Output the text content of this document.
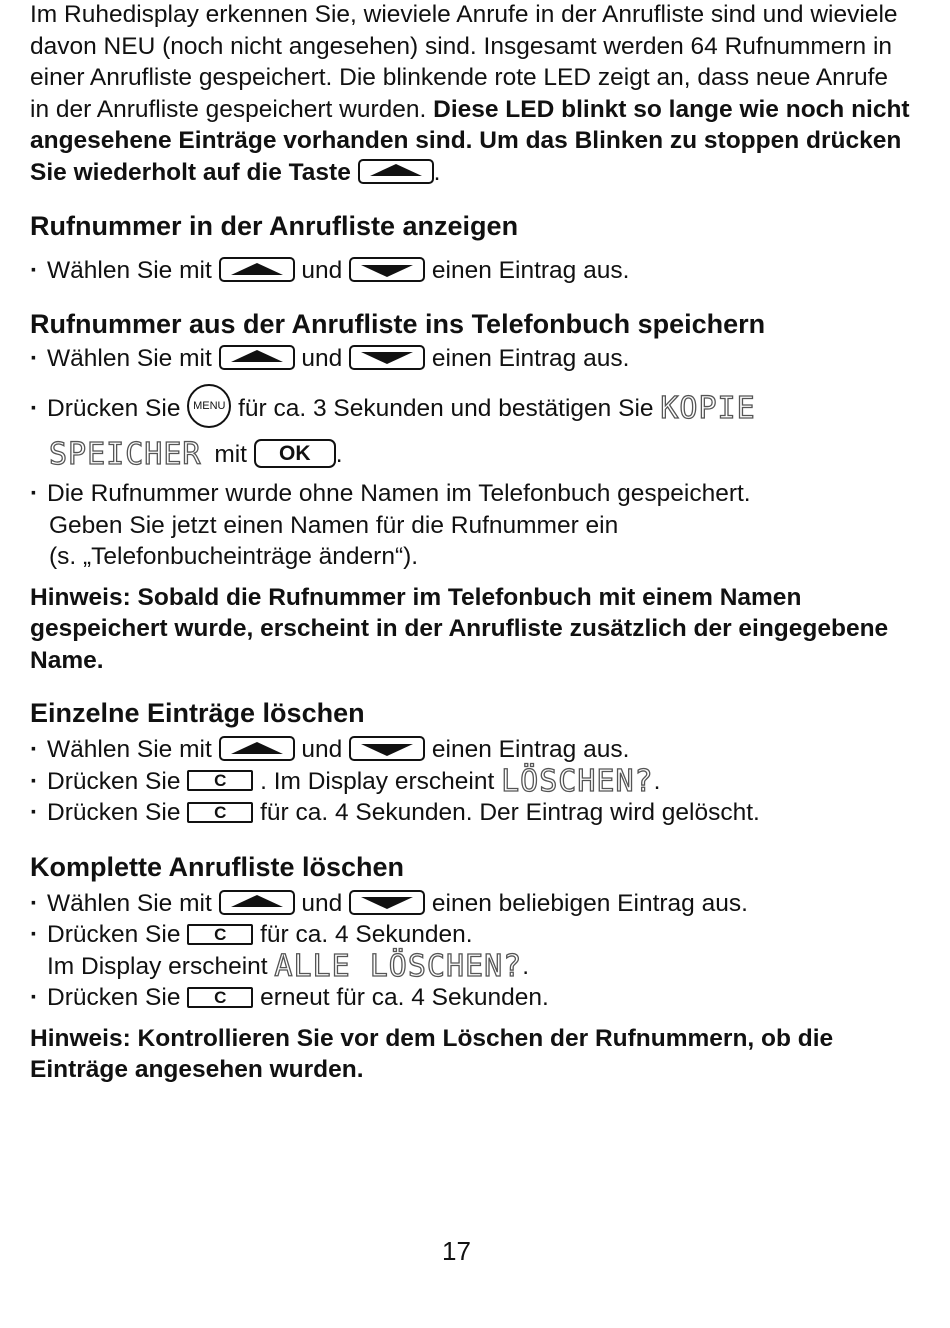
Im Ruhedisplay erkennen Sie, wieviele Anrufe in der Anrufliste sind und wieviele davon NEU (noch nicht angesehen) sind. Insgesamt werden 64 Rufnummern in einer Anrufliste gespeichert. Die blinkende rote LED zeigt an, dass neue Anrufe in der Anrufliste gespeichert wurden. Diese LED blinkt so lange wie noch nicht angesehene Einträge vorhanden sind. Um das Blinken zu stoppen drücken Sie wiederholt auf die Taste	.

Rufnummer in der Anrufliste anzeigen

· Wählen Sie mit	und	einen Eintrag aus.

Rufnummer aus der Anrufliste ins Telefonbuch speichern

· Wählen Sie mit	und	einen Eintrag aus.

· Drücken Sie MENU für ca. 3 Sekunden und bestätigen Sie KOPIE
SPEICHER mit OK .

· Die Rufnummer wurde ohne Namen im Telefonbuch gespeichert.
Geben Sie jetzt einen Namen für die Rufnummer ein
(s. „Telefonbucheinträge ändern“).

Hinweis: Sobald die Rufnummer im Telefonbuch mit einem Namen gespeichert wurde, erscheint in der Anrufliste zusätzlich der eingegebene Name.

Einzelne Einträge löschen

· Wählen Sie mit	und	einen Eintrag aus.

· Drücken Sie C . Im Display erscheint LÖSCHEN?.

· Drücken Sie C für ca. 4 Sekunden. Der Eintrag wird gelöscht.

Komplette Anrufliste löschen

· Wählen Sie mit	und	einen beliebigen Eintrag aus.

· Drücken Sie C für ca. 4 Sekunden.
Im Display erscheint ALLE LÖSCHEN?.

· Drücken Sie C erneut für ca. 4 Sekunden.

Hinweis: Kontrollieren Sie vor dem Löschen der Rufnummern, ob die Einträge angesehen wurden.

17
